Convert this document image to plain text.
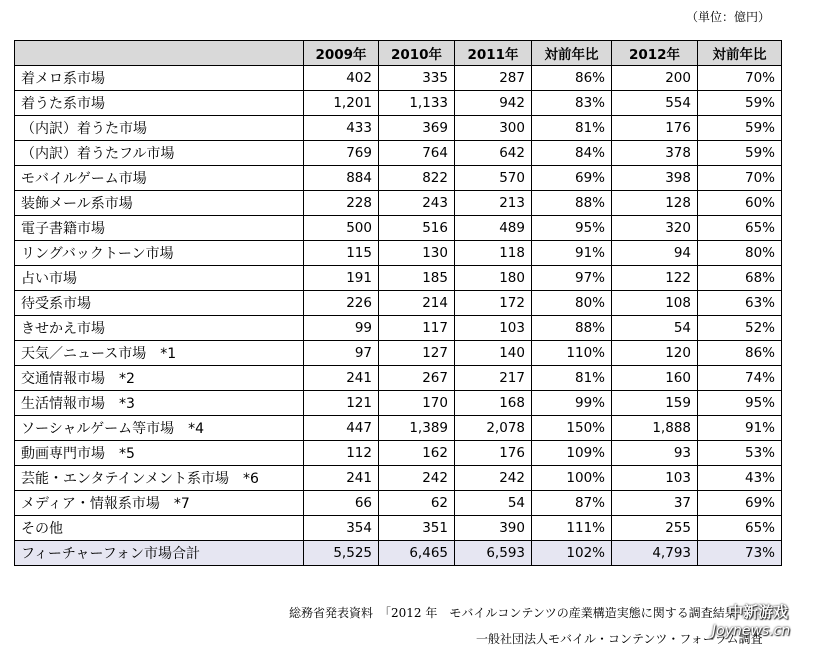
（単位：億円）
	2009年	2010年	2011年	対前年比	2012年	対前年比
着メロ系市場	402	335	287	86%	200	70%
着うた系市場	1,201	1,133	942	83%	554	59%
（内訳）着うた市場	433	369	300	81%	176	59%
（内訳）着うたフル市場	769	764	642	84%	378	59%
モバイルゲーム市場	884	822	570	69%	398	70%
装飾メール系市場	228	243	213	88%	128	60%
電子書籍市場	500	516	489	95%	320	65%
リングバックトーン市場	115	130	118	91%	94	80%
占い市場	191	185	180	97%	122	68%
待受系市場	226	214	172	80%	108	63%
きせかえ市場	99	117	103	88%	54	52%
天気／ニュース市場　*1	97	127	140	110%	120	86%
交通情報市場　*2	241	267	217	81%	160	74%
生活情報市場　*3	121	170	168	99%	159	95%
ソーシャルゲーム等市場　*4	447	1,389	2,078	150%	1,888	91%
動画専門市場　*5	112	162	176	109%	93	53%
芸能・エンタテインメント系市場　*6	241	242	242	100%	103	43%
メディア・情報系市場　*7	66	62	54	87%	37	69%
その他	354	351	390	111%	255	65%
フィーチャーフォン市場合計	5,525	6,465	6,593	102%	4,793	73%
総務省発表資料　「2012 年　モバイルコンテンツの産業構造実態に関する調査結果
一般社団法人モバイル・コンテンツ・フォーラム調査
中新游戏
Joynews.cn
